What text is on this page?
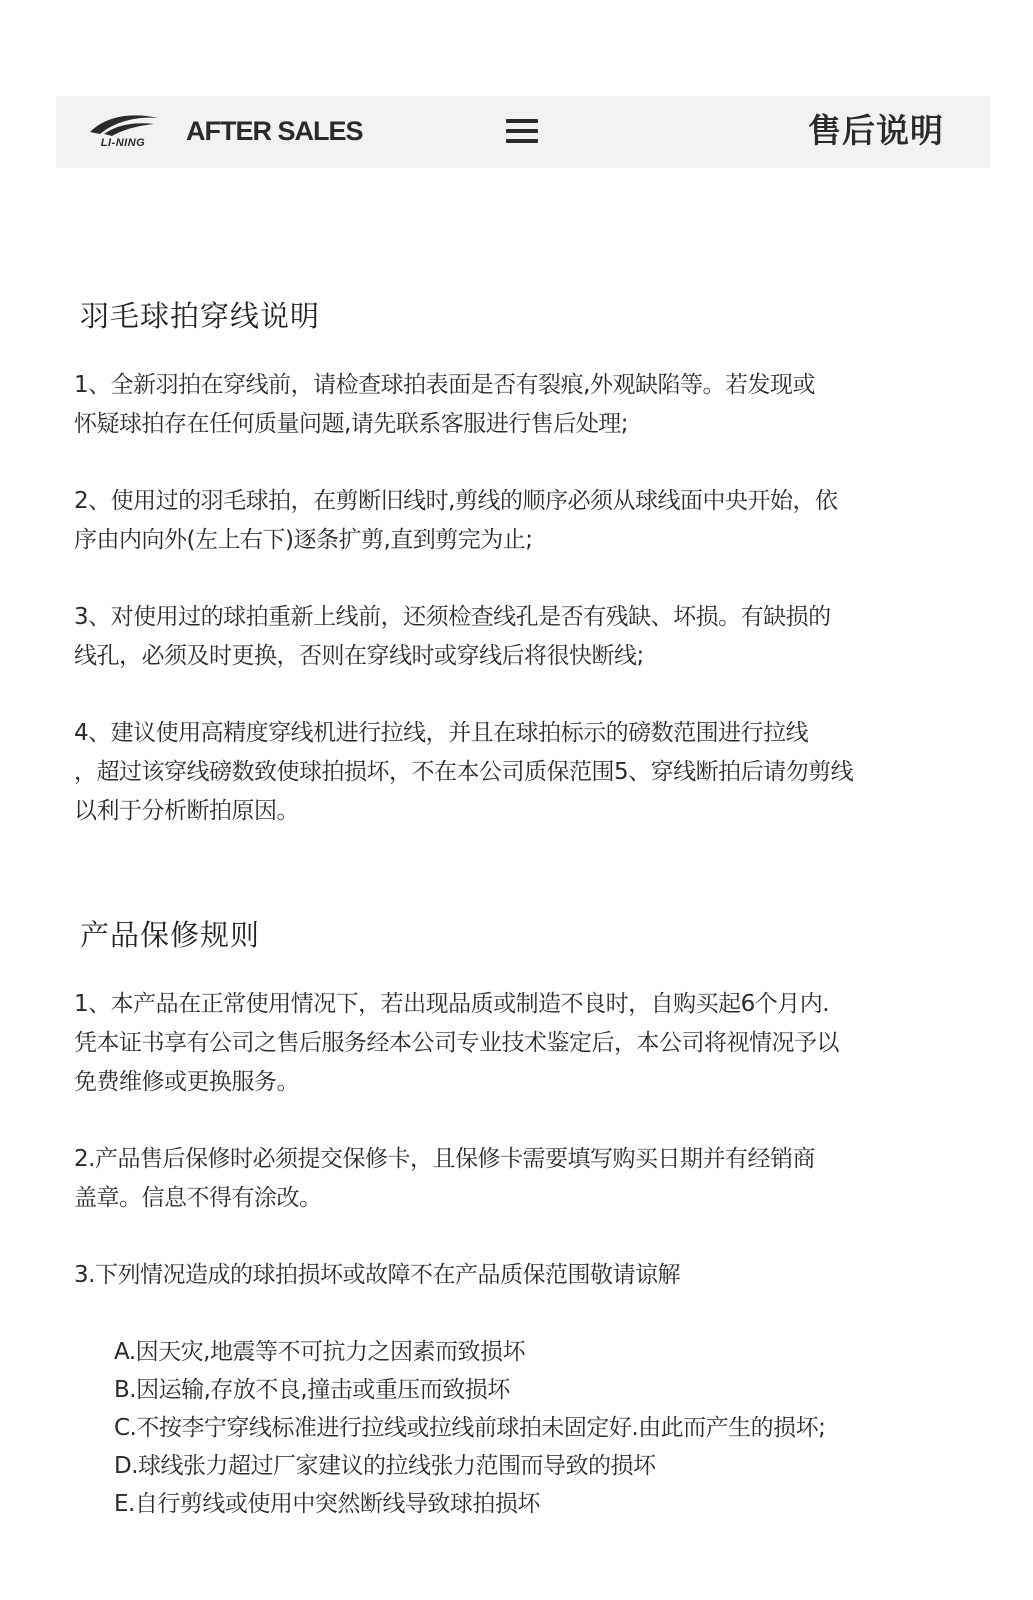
LI-NING	AFTER SALES	售后说明
羽毛球拍穿线说明

1、全新羽拍在穿线前，请检查球拍表面是否有裂痕,外观缺陷等。若发现或
怀疑球拍存在任何质量问题,请先联系客服进行售后处理;

2、使用过的羽毛球拍，在剪断旧线时,剪线的顺序必须从球线面中央开始，依
序由内向外(左上右下)逐条扩剪,直到剪完为止;

3、对使用过的球拍重新上线前，还须检查线孔是否有残缺、坏损。有缺损的
线孔，必须及时更换，否则在穿线时或穿线后将很快断线;

4、建议使用高精度穿线机进行拉线，并且在球拍标示的磅数范围进行拉线
，超过该穿线磅数致使球拍损坏，不在本公司质保范围5、穿线断拍后请勿剪线
以利于分析断拍原因。

产品保修规则

1、本产品在正常使用情况下，若出现品质或制造不良时，自购买起6个月内.
凭本证书享有公司之售后服务经本公司专业技术鉴定后，本公司将视情况予以
免费维修或更换服务。

2.产品售后保修时必须提交保修卡，且保修卡需要填写购买日期并有经销商
盖章。信息不得有涂改。

3.下列情况造成的球拍损坏或故障不在产品质保范围敬请谅解

A.因天灾,地震等不可抗力之因素而致损坏
B.因运输,存放不良,撞击或重压而致损坏
C.不按李宁穿线标准进行拉线或拉线前球拍未固定好.由此而产生的损坏;
D.球线张力超过厂家建议的拉线张力范围而导致的损坏
E.自行剪线或使用中突然断线导致球拍损坏
